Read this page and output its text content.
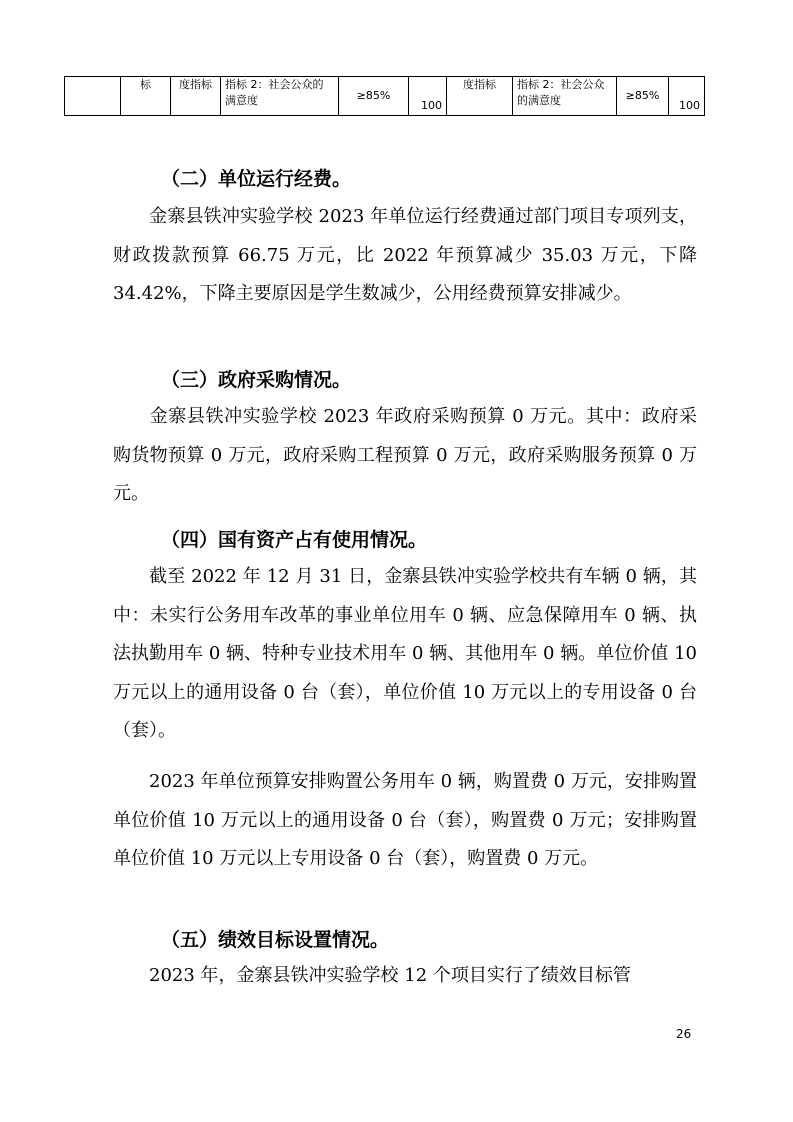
	标	度指标	指标 2：社会公众的满意度	≥85%	100	度指标	指标 2：社会公众的满意度	≥85%	100
（二）单位运行经费。

金寨县铁冲实验学校 2023 年单位运行经费通过部门项目专项列支，财政拨款预算 66.75 万元，比 2022 年预算减少 35.03 万元，下降 34.42%，下降主要原因是学生数减少，公用经费预算安排减少。

（三）政府采购情况。

金寨县铁冲实验学校 2023 年政府采购预算 0 万元。其中：政府采购货物预算 0 万元，政府采购工程预算 0 万元，政府采购服务预算 0 万元。

（四）国有资产占有使用情况。

截至 2022 年 12 月 31 日，金寨县铁冲实验学校共有车辆 0 辆，其中：未实行公务用车改革的事业单位用车 0 辆、应急保障用车 0 辆、执法执勤用车 0 辆、特种专业技术用车 0 辆、其他用车 0 辆。单位价值 10 万元以上的通用设备 0 台（套），单位价值 10 万元以上的专用设备 0 台（套）。

2023 年单位预算安排购置公务用车 0 辆，购置费 0 万元，安排购置单位价值 10 万元以上的通用设备 0 台（套），购置费 0 万元；安排购置单位价值 10 万元以上专用设备 0 台（套），购置费 0 万元。

（五）绩效目标设置情况。

2023 年，金寨县铁冲实验学校 12 个项目实行了绩效目标管

26
